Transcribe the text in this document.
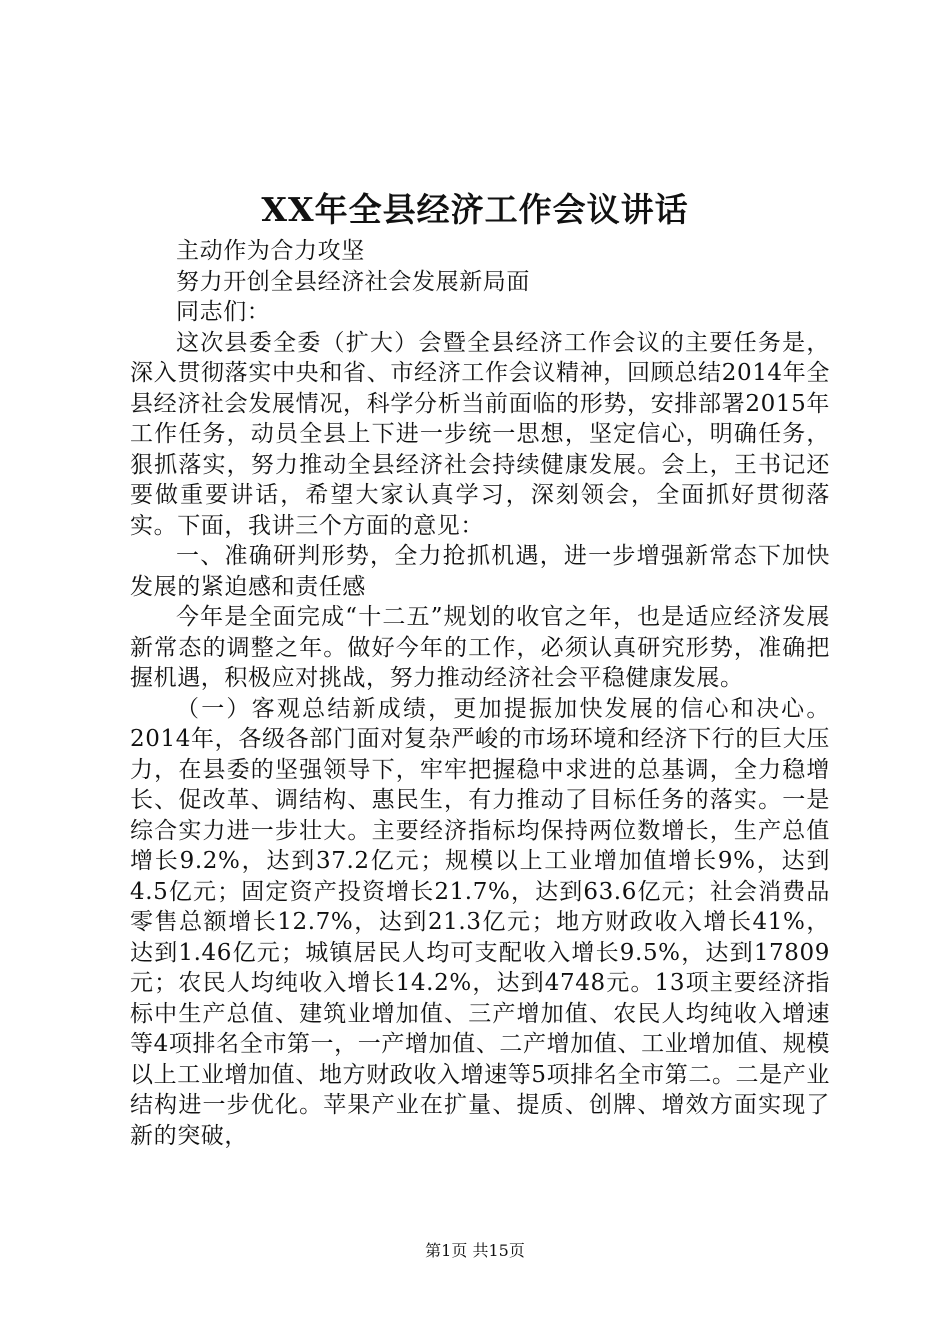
XX年全县经济工作会议讲话

主动作为合力攻坚

努力开创全县经济社会发展新局面

同志们：

这次县委全委（扩大）会暨全县经济工作会议的主要任务是，深入贯彻落实中央和省、市经济工作会议精神，回顾总结2014年全县经济社会发展情况，科学分析当前面临的形势，安排部署2015年工作任务，动员全县上下进一步统一思想，坚定信心，明确任务，狠抓落实，努力推动全县经济社会持续健康发展。会上，王书记还要做重要讲话，希望大家认真学习，深刻领会，全面抓好贯彻落实。下面，我讲三个方面的意见：

一、准确研判形势，全力抢抓机遇，进一步增强新常态下加快发展的紧迫感和责任感

今年是全面完成“十二五”规划的收官之年，也是适应经济发展新常态的调整之年。做好今年的工作，必须认真研究形势，准确把握机遇，积极应对挑战，努力推动经济社会平稳健康发展。

（一）客观总结新成绩，更加提振加快发展的信心和决心。2014年，各级各部门面对复杂严峻的市场环境和经济下行的巨大压力，在县委的坚强领导下，牢牢把握稳中求进的总基调，全力稳增长、促改革、调结构、惠民生，有力推动了目标任务的落实。一是综合实力进一步壮大。主要经济指标均保持两位数增长，生产总值增长9.2%，达到37.2亿元；规模以上工业增加值增长9%，达到4.5亿元；固定资产投资增长21.7%，达到63.6亿元；社会消费品零售总额增长12.7%，达到21.3亿元；地方财政收入增长41%，达到1.46亿元；城镇居民人均可支配收入增长9.5%，达到17809元；农民人均纯收入增长14.2%，达到4748元。13项主要经济指标中生产总值、建筑业增加值、三产增加值、农民人均纯收入增速等4项排名全市第一，一产增加值、二产增加值、工业增加值、规模以上工业增加值、地方财政收入增速等5项排名全市第二。二是产业结构进一步优化。苹果产业在扩量、提质、创牌、增效方面实现了新的突破，

第1页 共15页
